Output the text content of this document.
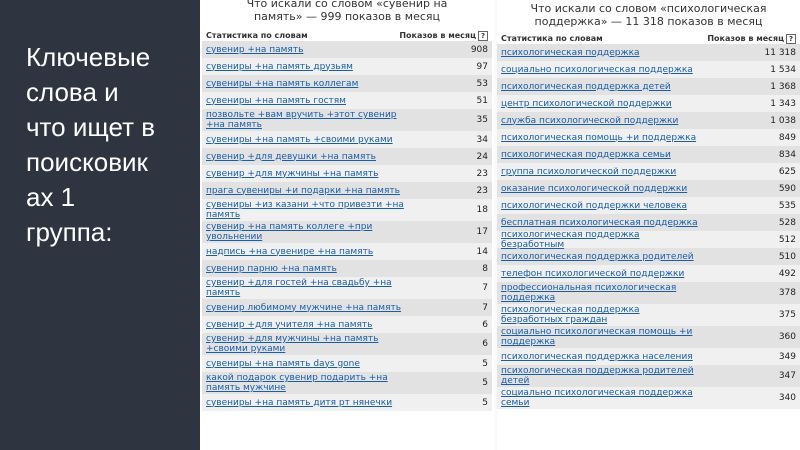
Ключевые
слова и
что ищет в
поисковик
ах 1
группа:
Что искали со словом «сувенир на
память» — 999 показов в месяц
Статистика по словам	Показов в месяц ?
сувенир +на память	908
сувениры +на память друзьям	97
сувениры +на память коллегам	53
сувениры +на память гостям	51
позвольте +вам вручить +этот сувенир +на память	35
сувениры +на память +своими руками	34
сувенир +для девушки +на память	24
сувенир +для мужчины +на память	23
прага сувениры +и подарки +на память	23
сувениры +из казани +что привезти +на память	18
сувенир +на память коллеге +при увольнении	17
надпись +на сувенире +на память	14
сувенир парню +на память	8
сувенир +для гостей +на свадьбу +на память	7
сувенир любимому мужчине +на память	7
сувенир +для учителя +на память	6
сувенир +для мужчины +на память +своими руками	6
сувениры +на память days gone	5
какой подарок сувенир подарить +на память мужчине	5
сувениры +на память дитя рт нянечки	5
Что искали со словом «психологическая
поддержка» — 11 318 показов в месяц
Статистика по словам	Показов в месяц ?
психологическая поддержка	11 318
социально психологическая поддержка	1 534
психологическая поддержка детей	1 368
центр психологической поддержки	1 343
служба психологической поддержки	1 038
психологическая помощь +и поддержка	849
психологическая поддержка семьи	834
группа психологической поддержки	625
оказание психологической поддержки	590
психологической поддержки человека	535
бесплатная психологическая поддержка	528
психологическая поддержка безработным	512
психологическая поддержка родителей	510
телефон психологической поддержки	492
профессиональная психологическая поддержка	378
психологическая поддержка безработных граждан	375
социально психологическая помощь +и поддержка	360
психологическая поддержка населения	349
психологическая поддержка родителей детей	347
социально психологическая поддержка семьи	340
